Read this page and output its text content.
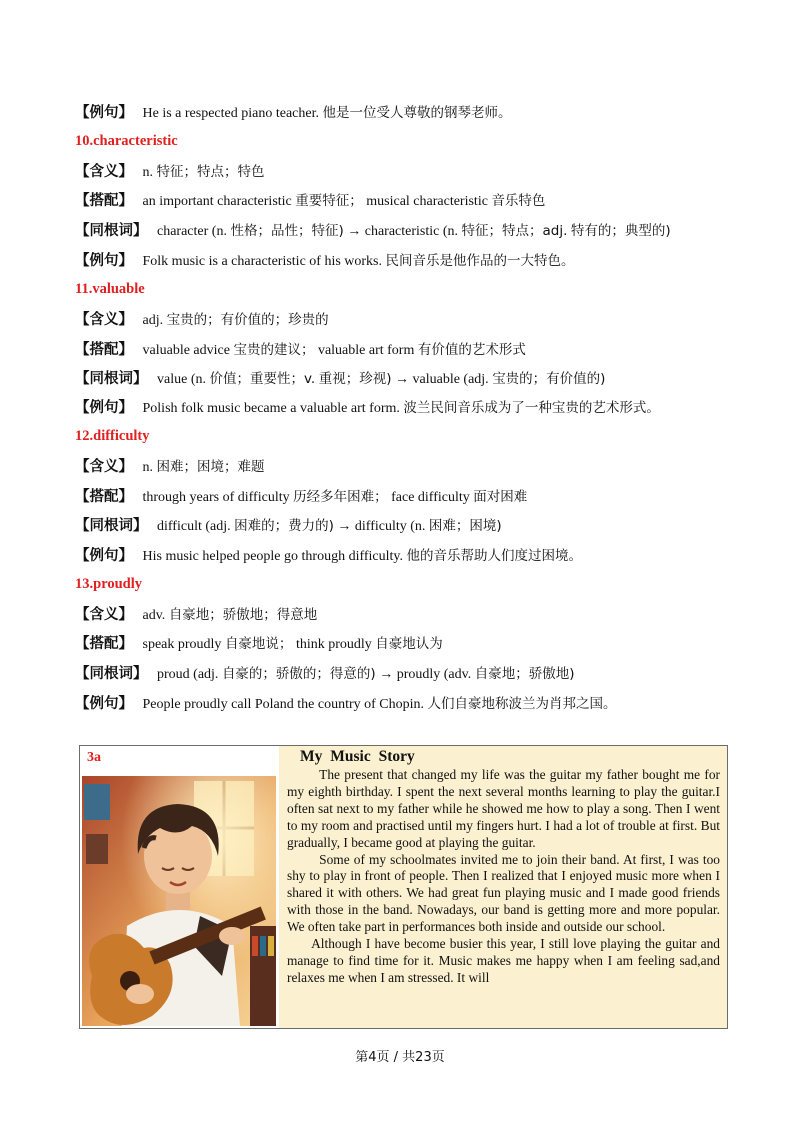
【例句】 He is a respected piano teacher. 他是一位受人尊敬的钢琴老师。
10.characteristic
【含义】 n. 特征；特点；特色
【搭配】 an important characteristic 重要特征； musical characteristic 音乐特色
【同根词】 character (n. 性格；品性；特征) → characteristic (n. 特征；特点；adj. 特有的；典型的)
【例句】 Folk music is a characteristic of his works. 民间音乐是他作品的一大特色。
11.valuable
【含义】 adj. 宝贵的；有价值的；珍贵的
【搭配】 valuable advice 宝贵的建议； valuable art form 有价值的艺术形式
【同根词】 value (n. 价值；重要性；v. 重视；珍视) → valuable (adj. 宝贵的；有价值的)
【例句】 Polish folk music became a valuable art form. 波兰民间音乐成为了一种宝贵的艺术形式。
12.difficulty
【含义】 n. 困难；困境；难题
【搭配】 through years of difficulty 历经多年困难； face difficulty 面对困难
【同根词】 difficult (adj. 困难的；费力的) → difficulty (n. 困难；困境)
【例句】 His music helped people go through difficulty. 他的音乐帮助人们度过困境。
13.proudly
【含义】 adv. 自豪地；骄傲地；得意地
【搭配】 speak proudly 自豪地说； think proudly 自豪地认为
【同根词】 proud (adj. 自豪的；骄傲的；得意的) → proudly (adv. 自豪地；骄傲地)
【例句】 People proudly call Poland the country of Chopin. 人们自豪地称波兰为肖邦之国。
3a	My Music Story

The present that changed my life was the guitar my father bought me for my eighth birthday. I spent the next several months learning to play the guitar.I often sat next to my father while he showed me how to play a song. Then I went to my room and practised until my fingers hurt. I had a lot of trouble at first. But gradually, I became good at playing the guitar.

Some of my schoolmates invited me to join their band. At first, I was too shy to play in front of people. Then I realized that I enjoyed music more when I shared it with others. We had great fun playing music and I made good friends with those in the band. Nowadays, our band is getting more and more popular. We often take part in performances both inside and outside our school.

Although I have become busier this year, I still love playing the guitar and manage to find time for it. Music makes me happy when I am feeling sad,and relaxes me when I am stressed. It will

第4页 / 共23页
